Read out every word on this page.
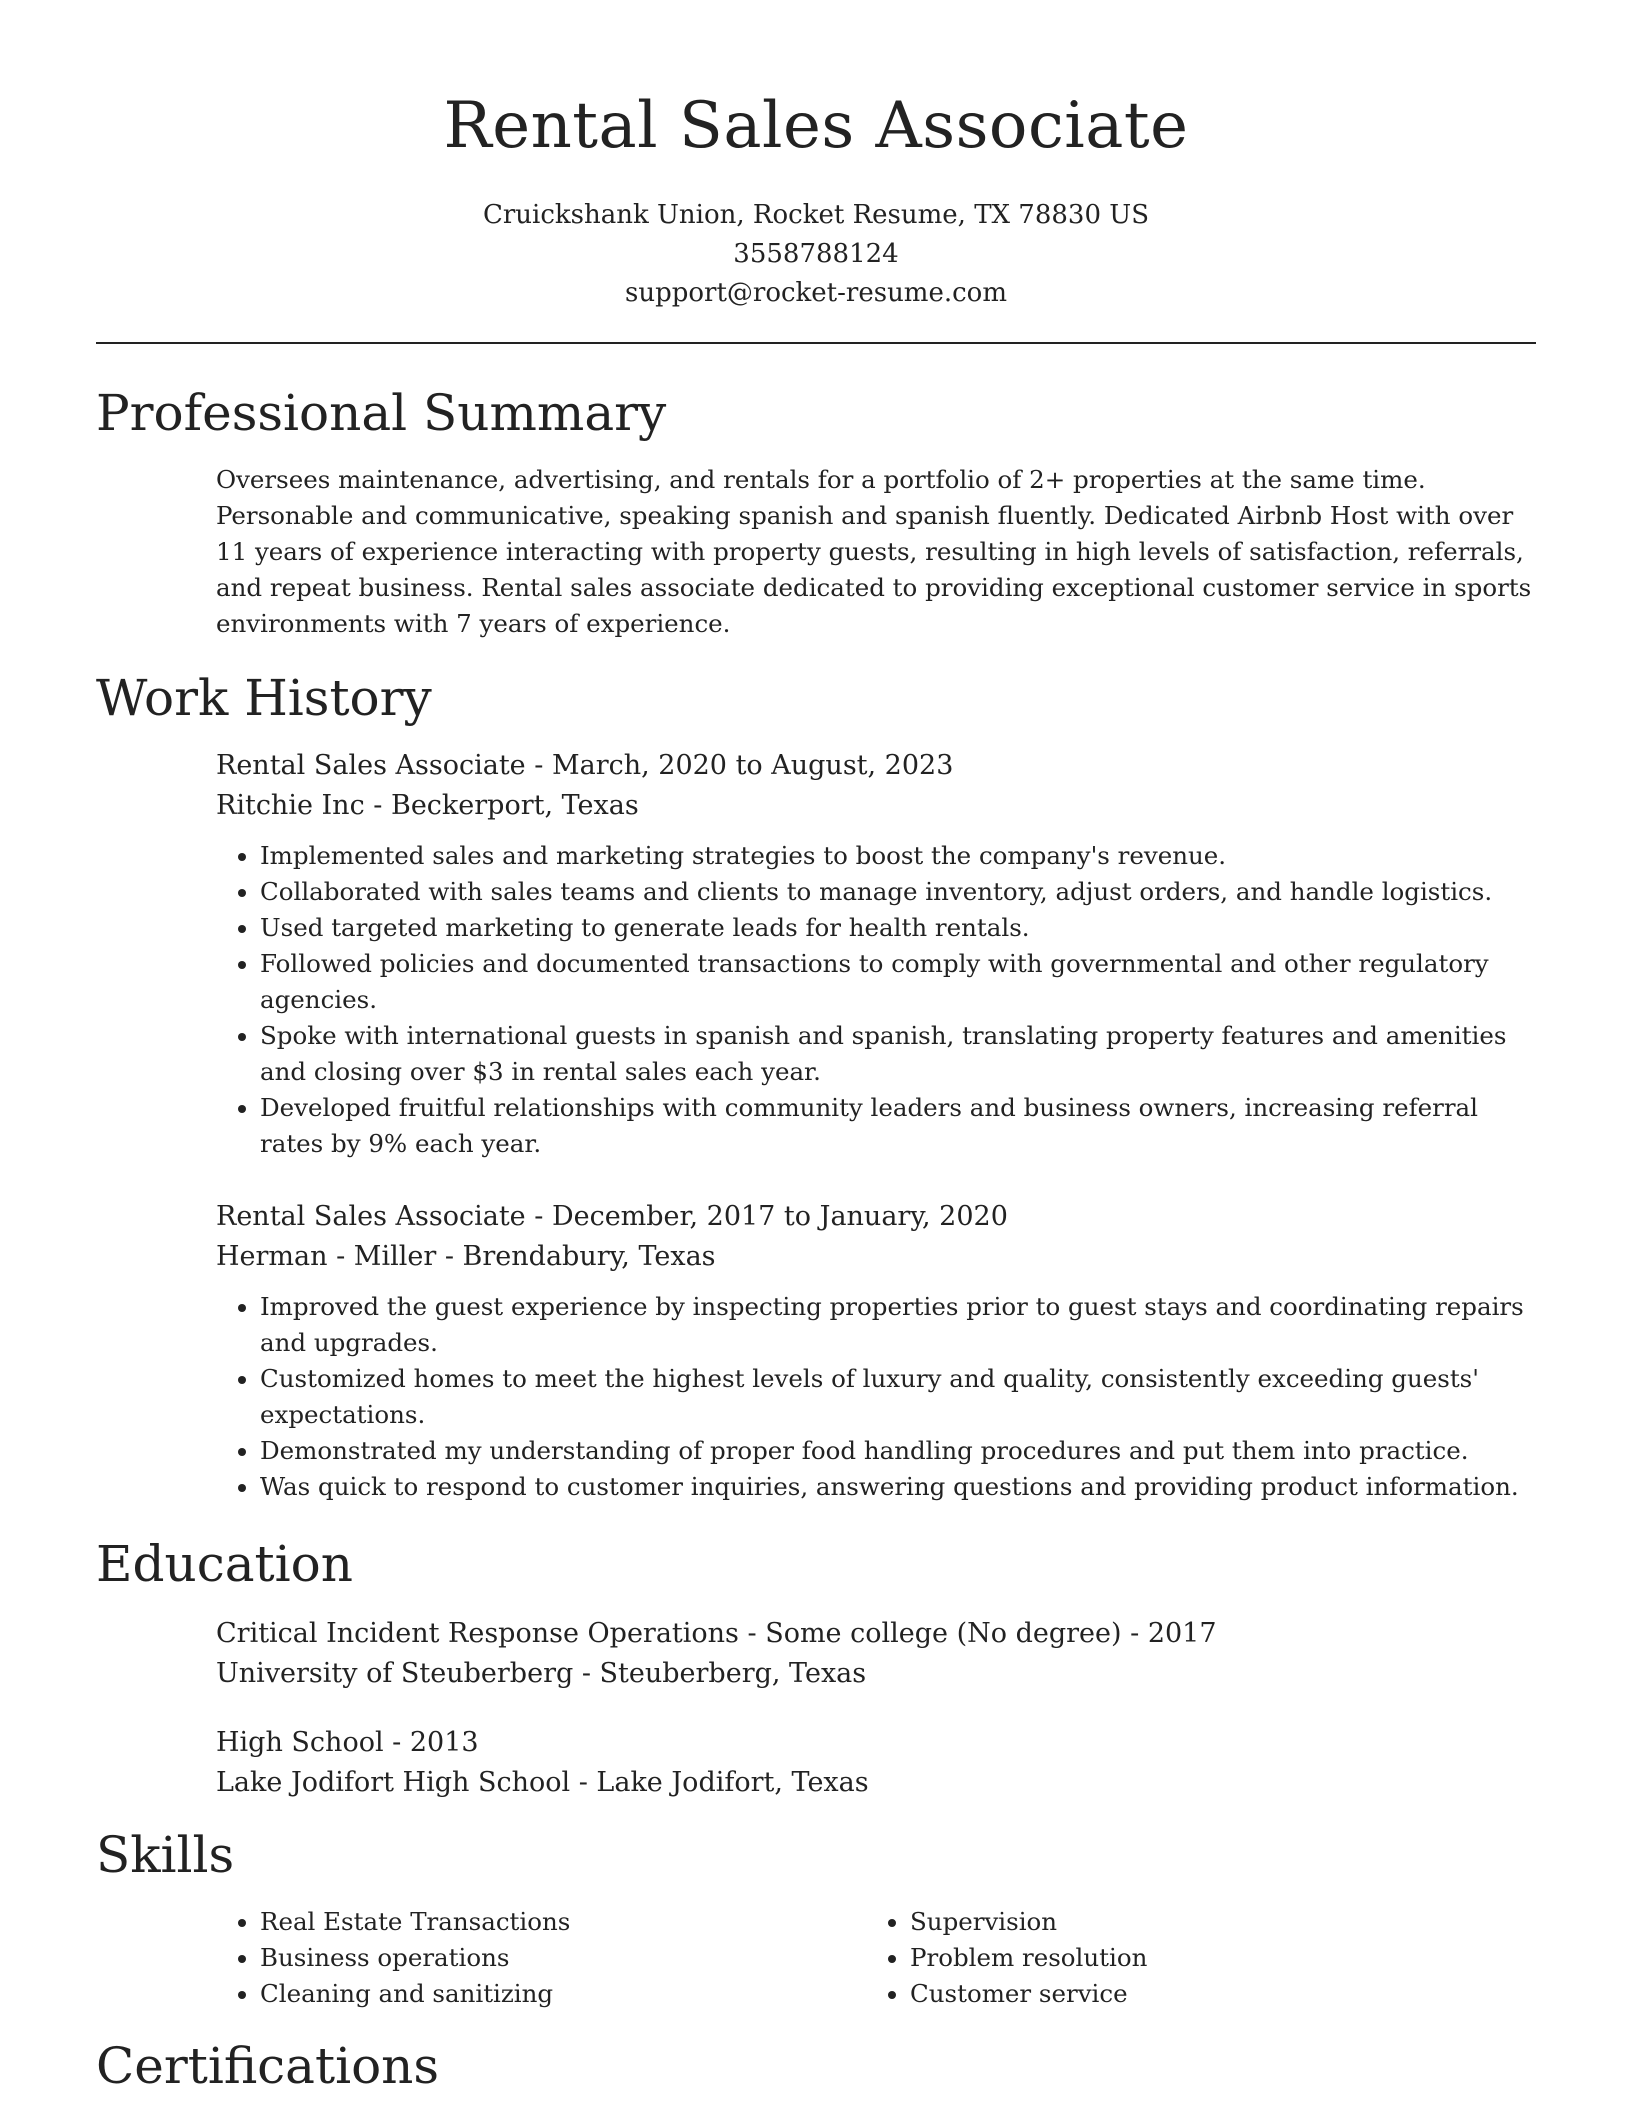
Rental Sales Associate
Cruickshank Union, Rocket Resume, TX 78830 US
3558788124
support@rocket-resume.com
Professional Summary

Oversees maintenance, advertising, and rentals for a portfolio of 2+ properties at the same time. Personable and communicative, speaking spanish and spanish fluently. Dedicated Airbnb Host with over 11 years of experience interacting with property guests, resulting in high levels of satisfaction, referrals, and repeat business. Rental sales associate dedicated to providing exceptional customer service in sports environments with 7 years of experience.

Work History
Rental Sales Associate - March, 2020 to August, 2023
Ritchie Inc - Beckerport, Texas
• Implemented sales and marketing strategies to boost the company's revenue.
• Collaborated with sales teams and clients to manage inventory, adjust orders, and handle logistics.
• Used targeted marketing to generate leads for health rentals.
• Followed policies and documented transactions to comply with governmental and other regulatory agencies.
• Spoke with international guests in spanish and spanish, translating property features and amenities and closing over $3 in rental sales each year.
• Developed fruitful relationships with community leaders and business owners, increasing referral rates by 9% each year.
Rental Sales Associate - December, 2017 to January, 2020
Herman - Miller - Brendabury, Texas
• Improved the guest experience by inspecting properties prior to guest stays and coordinating repairs and upgrades.
• Customized homes to meet the highest levels of luxury and quality, consistently exceeding guests' expectations.
• Demonstrated my understanding of proper food handling procedures and put them into practice.
• Was quick to respond to customer inquiries, answering questions and providing product information.
Education
Critical Incident Response Operations - Some college (No degree) - 2017
University of Steuberberg - Steuberberg, Texas
High School - 2013
Lake Jodifort High School - Lake Jodifort, Texas
Skills
• Real Estate Transactions
• Business operations
• Cleaning and sanitizing
• Supervision
• Problem resolution
• Customer service
Certifications
